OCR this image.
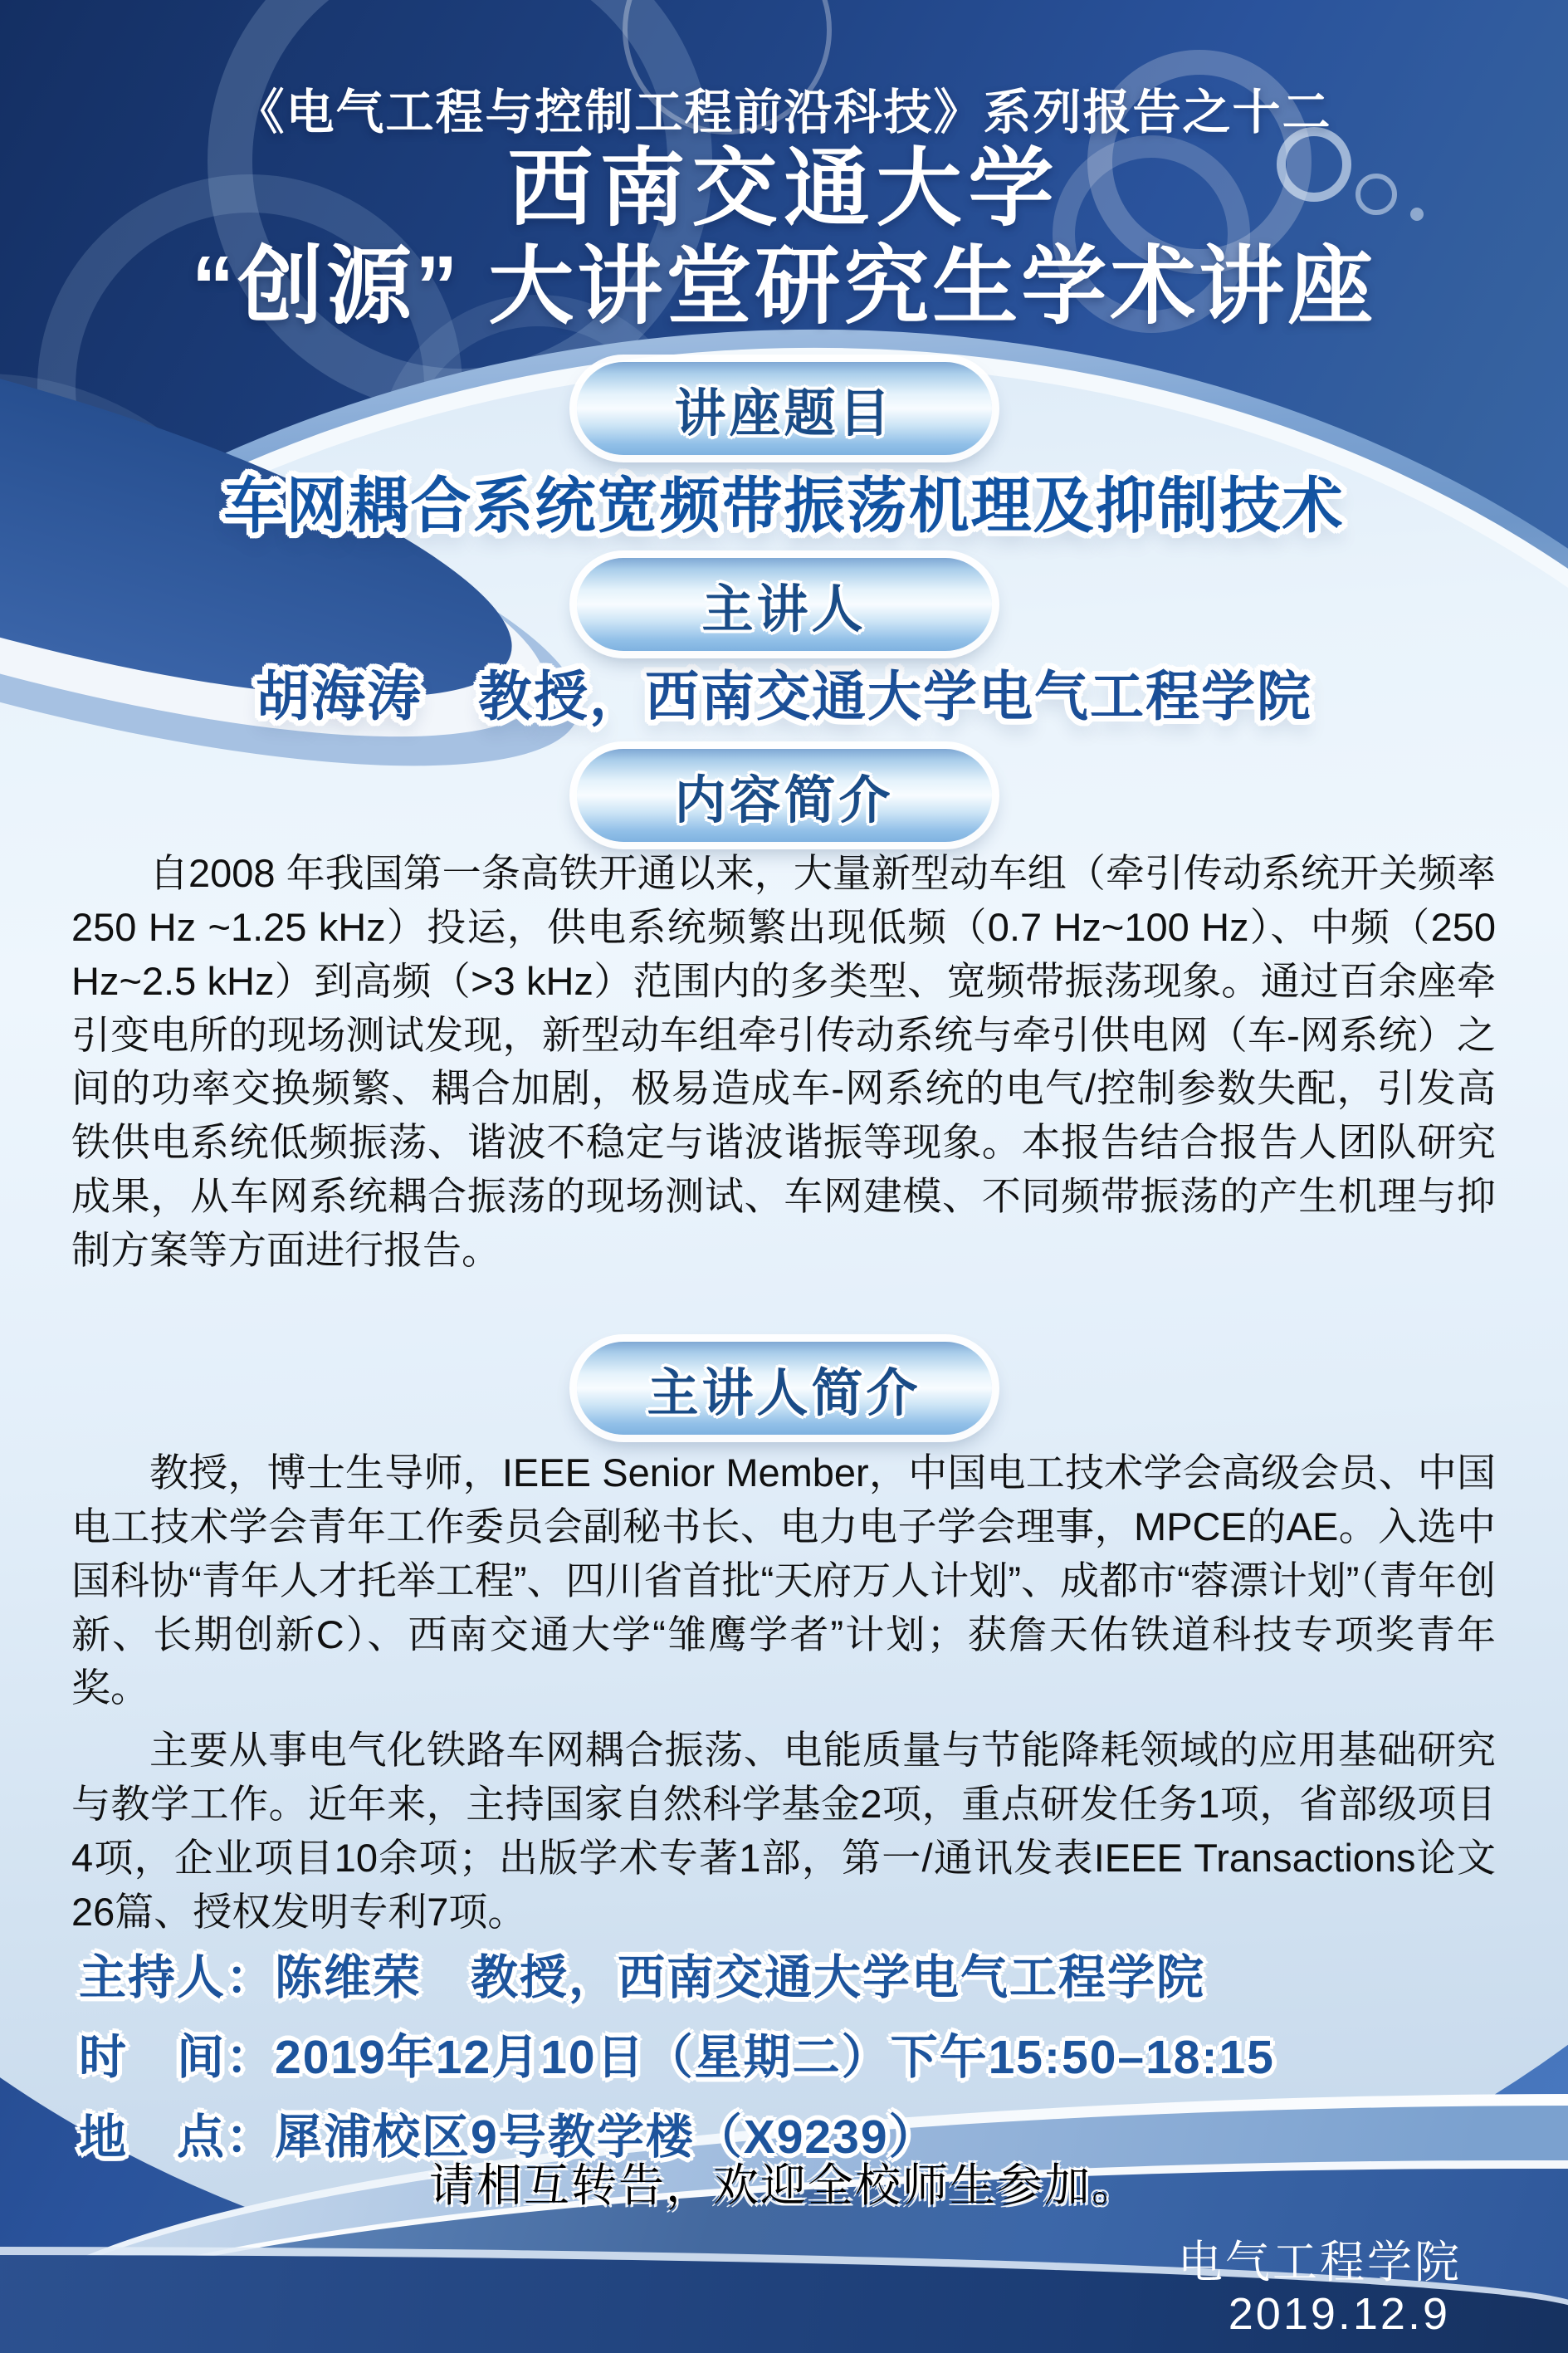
《电气工程与控制工程前沿科技》系列报告之十二
西南交通大学
“创源” 大讲堂研究生学术讲座
讲座题目
车网耦合系统宽频带振荡机理及抑制技术
主讲人
胡海涛　教授，西南交通大学电气工程学院
内容简介

自2008 年我国第一条高铁开通以来，大量新型动车组（牵引传动系统开关频率250 Hz ~1.25 kHz）投运，供电系统频繁出现低频（0.7 Hz~100 Hz）、中频（250 Hz~2.5 kHz）到高频（>3 kHz）范围内的多类型、宽频带振荡现象。通过百余座牵引变电所的现场测试发现，新型动车组牵引传动系统与牵引供电网（车-网系统）之间的功率交换频繁、耦合加剧，极易造成车-网系统的电气/控制参数失配，引发高铁供电系统低频振荡、谐波不稳定与谐波谐振等现象。本报告结合报告人团队研究成果，从车网系统耦合振荡的现场测试、车网建模、不同频带振荡的产生机理与抑制方案等方面进行报告。

主讲人简介

教授，博士生导师，IEEE Senior Member，中国电工技术学会高级会员、中国电工技术学会青年工作委员会副秘书长、电力电子学会理事，MPCE的AE。入选中国科协“青年人才托举工程”、四川省首批“天府万人计划”、成都市“蓉漂计划”（青年创新、长期创新C）、西南交通大学“雏鹰学者”计划；获詹天佑铁道科技专项奖青年奖。

主要从事电气化铁路车网耦合振荡、电能质量与节能降耗领域的应用基础研究与教学工作。近年来，主持国家自然科学基金2项，重点研发任务1项，省部级项目4项，企业项目10余项；出版学术专著1部，第一/通讯发表IEEE Transactions论文26篇、授权发明专利7项。

主持人：陈维荣　教授，西南交通大学电气工程学院

时　间：2019年12月10日（星期二）下午15:50–18:15

地　点：犀浦校区9号教学楼（X9239）

请相互转告，欢迎全校师生参加。
电气工程学院
2019.12.9
